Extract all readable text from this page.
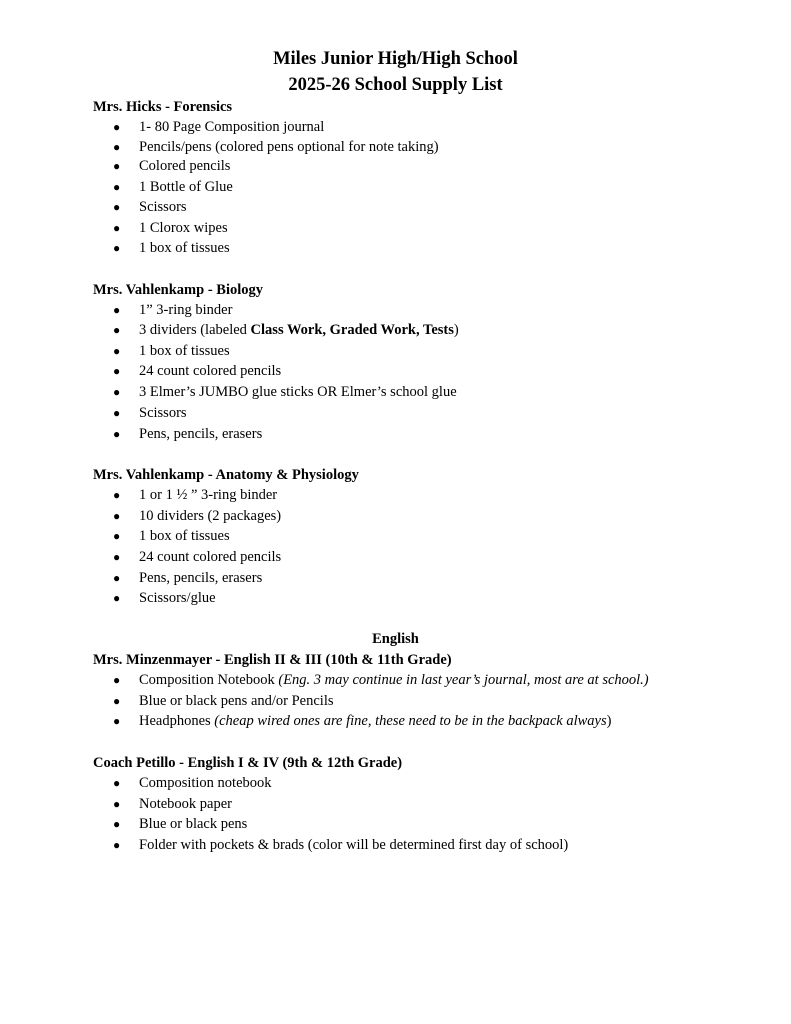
Miles Junior High/High School
2025-26 School Supply List
Mrs. Hicks - Forensics
● 1- 80 Page Composition journal
● Pencils/pens (colored pens optional for note taking)
● Colored pencils
● 1 Bottle of Glue
● Scissors
● 1 Clorox wipes
● 1 box of tissues
Mrs. Vahlenkamp - Biology
● 1” 3-ring binder
● 3 dividers (labeled Class Work, Graded Work, Tests)
● 1 box of tissues
● 24 count colored pencils
● 3 Elmer’s JUMBO glue sticks OR Elmer’s school glue
● Scissors
● Pens, pencils, erasers
Mrs. Vahlenkamp - Anatomy & Physiology
● 1 or 1 ½ ” 3-ring binder
● 10 dividers (2 packages)
● 1 box of tissues
● 24 count colored pencils
● Pens, pencils, erasers
● Scissors/glue
English
Mrs. Minzenmayer - English II & III (10th & 11th Grade)
● Composition Notebook (Eng. 3 may continue in last year’s journal, most are at school.)
● Blue or black pens and/or Pencils
● Headphones (cheap wired ones are fine, these need to be in the backpack always)
Coach Petillo - English I & IV (9th & 12th Grade)
● Composition notebook
● Notebook paper
● Blue or black pens
● Folder with pockets & brads (color will be determined first day of school)
